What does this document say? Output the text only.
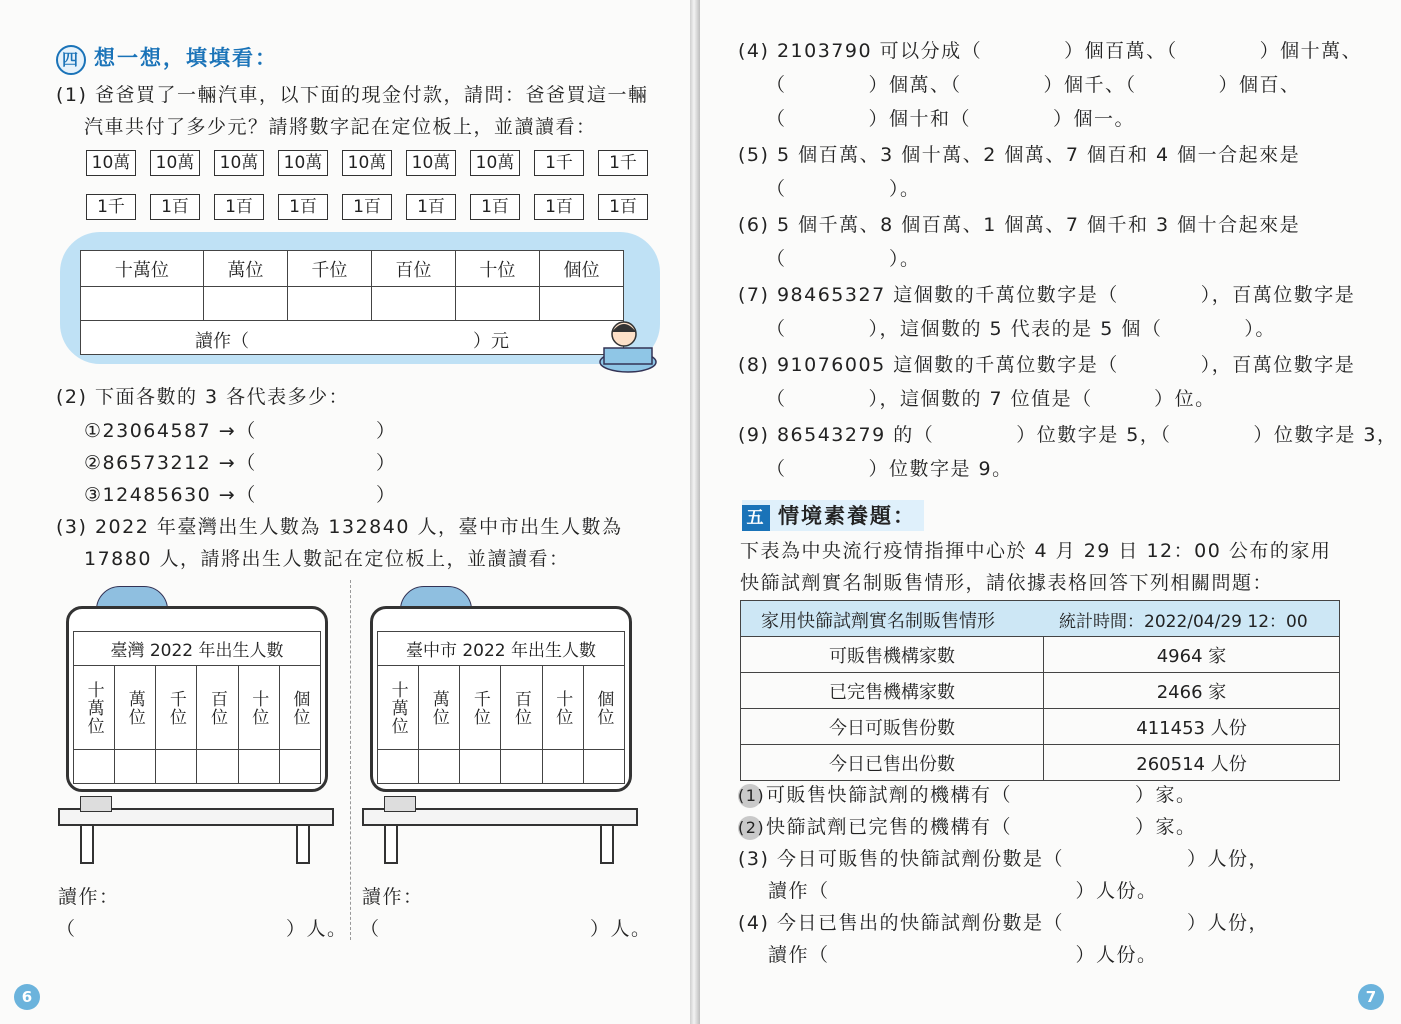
四 想一想，填填看：
(1) 爸爸買了一輛汽車，以下面的現金付款，請問：爸爸買這一輛
汽車共付了多少元？請將數字記在定位板上，並讀讀看：
10萬	10萬	10萬	10萬	10萬	10萬	10萬	1千	1千
1千	1百	1百	1百	1百	1百	1百	1百	1百
十萬位	萬位	千位	百位	十位	個位

讀作（ ）元					
(2) 下面各數的 3 各代表多少：
①23064587 →（	）
②86573212 →（	）
③12485630 →（	）
(3) 2022 年臺灣出生人數為 132840 人，臺中市出生人數為
17880 人，請將出生人數記在定位板上，並讀讀看：
臺灣 2022 年出生人數					

十萬位	萬位	千位	百位	十位	個位

臺中市 2022 年出生人數					

十萬位	萬位	千位	百位	十位	個位

讀作：
（	）人。
讀作：
（	）人。
6
(4) 2103790 可以分成（　　　　）個百萬、（　　　　）個十萬、
（　　　　）個萬、（　　　　）個千、（　　　　）個百、
（　　　　）個十和（　　　　）個一。
(5) 5 個百萬、3 個十萬、2 個萬、7 個百和 4 個一合起來是
（　　　　　）。
(6) 5 個千萬、8 個百萬、1 個萬、7 個千和 3 個十合起來是
（　　　　　）。
(7) 98465327 這個數的千萬位數字是（　　　　），百萬位數字是
（　　　　），這個數的 5 代表的是 5 個（　　　　）。
(8) 91076005 這個數的千萬位數字是（　　　　），百萬位數字是
（　　　　），這個數的 7 位值是（　　　）位。
(9) 86543279 的（　　　　）位數字是 5，（　　　　）位數字是 3，
（　　　　）位數字是 9。
五 情境素養題：
下表為中央流行疫情指揮中心於 4 月 29 日 12：00 公布的家用
快篩試劑實名制販售情形，請依據表格回答下列相關問題：
家用快篩試劑實名制販售情形 統計時間：2022/04/29 12：00	

可販售機構家數	4964 家
已完售機構家數	2466 家
今日可販售份數	411453 人份
今日已售出份數	260514 人份
(1)可販售快篩試劑的機構有（　　　　　　）家。
(2)快篩試劑已完售的機構有（　　　　　　）家。
(3) 今日可販售的快篩試劑份數是（　　　　　　）人份，
讀作（　　　　　　　　　　　　）人份。
(4) 今日已售出的快篩試劑份數是（　　　　　　）人份，
讀作（　　　　　　　　　　　　）人份。
7
